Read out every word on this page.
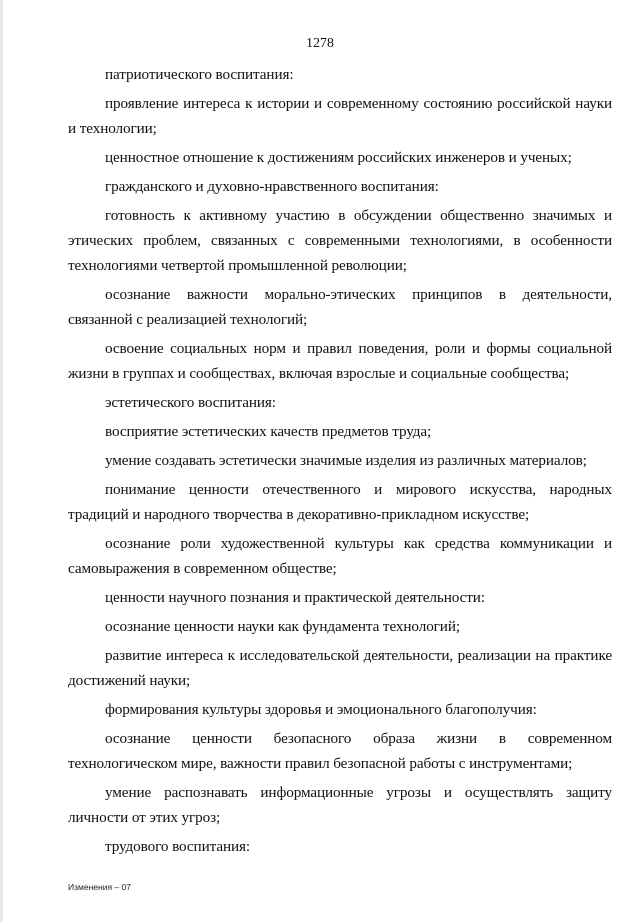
1278

патриотического воспитания:

проявление интереса к истории и современному состоянию российской науки и технологии;

ценностное отношение к достижениям российских инженеров и ученых;

гражданского и духовно-нравственного воспитания:

готовность к активному участию в обсуждении общественно значимых и этических проблем, связанных с современными технологиями, в особенности технологиями четвертой промышленной революции;

осознание важности морально-этических принципов в деятельности, связанной с реализацией технологий;

освоение социальных норм и правил поведения, роли и формы социальной жизни в группах и сообществах, включая взрослые и социальные сообщества;

эстетического воспитания:

восприятие эстетических качеств предметов труда;

умение создавать эстетически значимые изделия из различных материалов;

понимание ценности отечественного и мирового искусства, народных традиций и народного творчества в декоративно-прикладном искусстве;

осознание роли художественной культуры как средства коммуникации и самовыражения в современном обществе;

ценности научного познания и практической деятельности:

осознание ценности науки как фундамента технологий;

развитие интереса к исследовательской деятельности, реализации на практике достижений науки;

формирования культуры здоровья и эмоционального благополучия:

осознание ценности безопасного образа жизни в современном технологическом мире, важности правил безопасной работы с инструментами;

умение распознавать информационные угрозы и осуществлять защиту личности от этих угроз;

трудового воспитания:

Изменения – 07
